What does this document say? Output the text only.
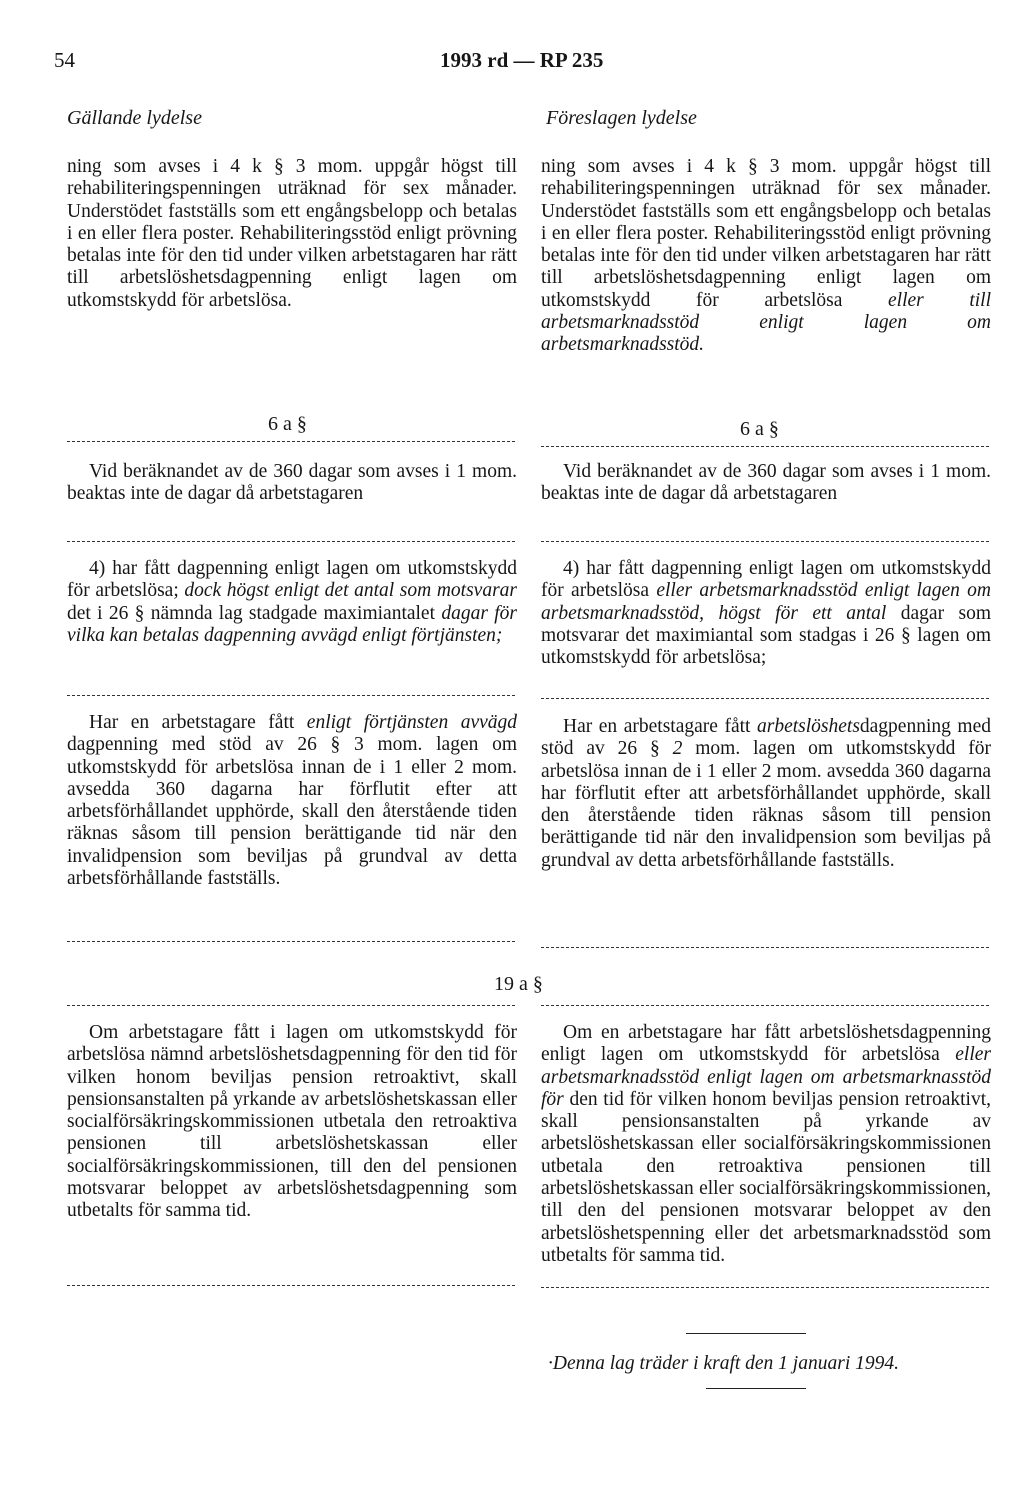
54	1993 rd — RP 235
Gällande lydelse	Föreslagen lydelse

ning som avses i 4 k § 3 mom. uppgår högst till rehabiliteringspenningen uträknad för sex månader. Understödet fastställs som ett engångsbelopp och betalas i en eller flera poster. Rehabiliteringsstöd enligt prövning betalas inte för den tid under vilken arbetstagaren har rätt till arbetslöshetsdagpenning enligt lagen om utkomstskydd för arbetslösa.

6 a §

Vid beräknandet av de 360 dagar som avses i 1 mom. beaktas inte de dagar då arbetstagaren

4) har fått dagpenning enligt lagen om utkomstskydd för arbetslösa; dock högst enligt det antal som motsvarar det i 26 § nämnda lag stadgade maximiantalet dagar för vilka kan betalas dagpenning avvägd enligt förtjänsten;

Har en arbetstagare fått enligt förtjänsten avvägd dagpenning med stöd av 26 § 3 mom. lagen om utkomstskydd för arbetslösa innan de i 1 eller 2 mom. avsedda 360 dagarna har förflutit efter att arbetsförhållandet upphörde, skall den återstående tiden räknas såsom till pension berättigande tid när den invalidpension som beviljas på grundval av detta arbetsförhållande fastställs.

19 a §

Om arbetstagare fått i lagen om utkomstskydd för arbetslösa nämnd arbetslöshetsdagpenning för den tid för vilken honom beviljas pension retroaktivt, skall pensionsanstalten på yrkande av arbetslöshetskassan eller socialförsäkringskommissionen utbetala den retroaktiva pensionen till arbetslöshetskassan eller socialförsäkringskommissionen, till den del pensionen motsvarar beloppet av arbetslöshetsdagpenning som utbetalts för samma tid.

ning som avses i 4 k § 3 mom. uppgår högst till rehabiliteringspenningen uträknad för sex månader. Understödet fastställs som ett engångsbelopp och betalas i en eller flera poster. Rehabiliteringsstöd enligt prövning betalas inte för den tid under vilken arbetstagaren har rätt till arbetslöshetsdagpenning enligt lagen om utkomstskydd för arbetslösa eller till arbetsmarknadsstöd enligt lagen om arbetsmarknadsstöd.

6 a §

Vid beräknandet av de 360 dagar som avses i 1 mom. beaktas inte de dagar då arbetstagaren

4) har fått dagpenning enligt lagen om utkomstskydd för arbetslösa eller arbetsmarknadsstöd enligt lagen om arbetsmarknadsstöd, högst för ett antal dagar som motsvarar det maximiantal som stadgas i 26 § lagen om utkomstskydd för arbetslösa;

Har en arbetstagare fått arbetslöshetsdagpenning med stöd av 26 § 2 mom. lagen om utkomstskydd för arbetslösa innan de i 1 eller 2 mom. avsedda 360 dagarna har förflutit efter att arbetsförhållandet upphörde, skall den återstående tiden räknas såsom till pension berättigande tid när den invalidpension som beviljas på grundval av detta arbetsförhållande fastställs.

Om en arbetstagare har fått arbetslöshetsdagpenning enligt lagen om utkomstskydd för arbetslösa eller arbetsmarknadsstöd enligt lagen om arbetsmarknasstöd för den tid för vilken honom beviljas pension retroaktivt, skall pensionsanstalten på yrkande av arbetslöshetskassan eller socialförsäkringskommissionen utbetala den retroaktiva pensionen till arbetslöshetskassan eller socialförsäkringskommissionen, till den del pensionen motsvarar beloppet av den arbetslöshetspenning eller det arbetsmarknadsstöd som utbetalts för samma tid.

·Denna lag träder i kraft den 1 januari 1994.
